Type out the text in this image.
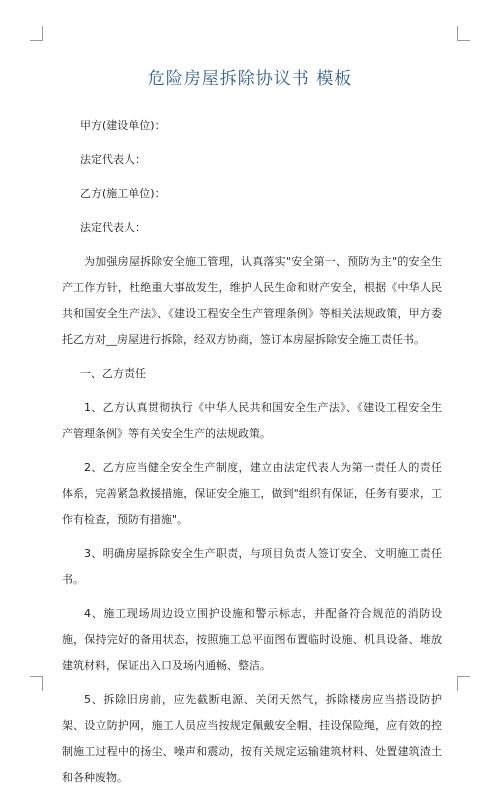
危险房屋拆除协议书 模板
甲方(建设单位)：
法定代表人：
乙方(施工单位)：
法定代表人：

为加强房屋拆除安全施工管理，认真落实"安全第一、预防为主"的安全生产工作方针，杜绝重大事故发生，维护人民生命和财产安全，根据《中华人民共和国安全生产法》、《建设工程安全生产管理条例》等相关法规政策，甲方委托乙方对__房屋进行拆除，经双方协商，签订本房屋拆除安全施工责任书。

一、乙方责任

1、乙方认真贯彻执行《中华人民共和国安全生产法》、《建设工程安全生产管理条例》等有关安全生产的法规政策。

2、乙方应当健全安全生产制度，建立由法定代表人为第一责任人的责任体系，完善紧急救援措施，保证安全施工，做到"组织有保证，任务有要求，工作有检查，预防有措施"。

3、明确房屋拆除安全生产职责，与项目负责人签订安全、文明施工责任书。

4、施工现场周边设立围护设施和警示标志，并配备符合规范的消防设施，保持完好的备用状态，按照施工总平面图布置临时设施、机具设备、堆放建筑材料，保证出入口及场内通畅、整洁。

5、拆除旧房前，应先截断电源、关闭天然气，拆除楼房应当搭设防护架、设立防护网，施工人员应当按规定佩戴安全帽、挂设保险绳，应有效的控制施工过程中的扬尘、噪声和震动，按有关规定运输建筑材料、处置建筑渣土和各种废物。
